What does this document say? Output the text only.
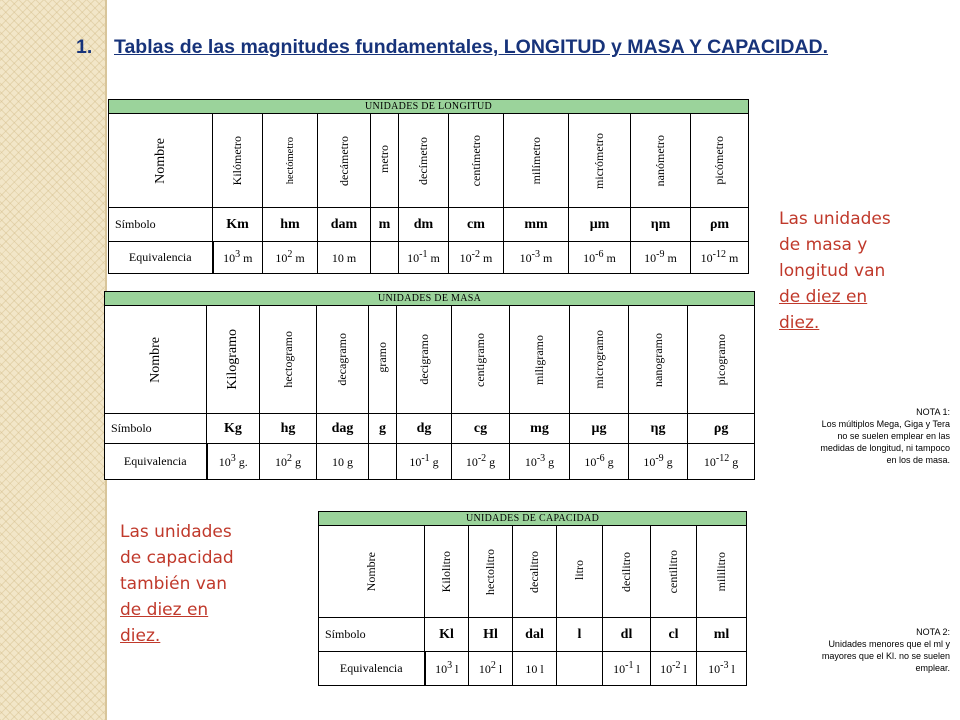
1. Tablas de las magnitudes fundamentales, LONGITUD y MASA Y CAPACIDAD.
UNIDADES DE LONGITUD										

Nombre	Kilómetro	hectómetro	decámetro	metro	decímetro	centímetro	milímetro	micrómetro	nanómetro	picómetro

Símbolo	Km	hm	dam	m	dm	cm	mm	μm	ηm	ρm
Equivalencia	$10^3$ m	$10^2$ m	10 m		$10^{-1}$ m	$10^{-2}$ m	$10^{-3}$ m	$10^{-6}$ m	$10^{-9}$ m	$10^{-12}$ m
UNIDADES DE MASA										

Nombre	Kilogramo	hectogramo	decagramo	gramo	decigramo	centigramo	miligramo	microgramo	nanogramo	picogramo

Símbolo	Kg	hg	dag	g	dg	cg	mg	μg	ηg	ρg
Equivalencia	$10^3$ g.	$10^2$ g	10 g		$10^{-1}$ g	$10^{-2}$ g	$10^{-3}$ g	$10^{-6}$ g	$10^{-9}$ g	$10^{-12}$ g
UNIDADES DE CAPACIDAD							

Nombre	Kilolitro	hectolitro	decalitro	litro	decilitro	centilitro	mililitro

Símbolo	Kl	Hl	dal	l	dl	cl	ml
Equivalencia	$10^3$ l	$10^2$ l	10 l		$10^{-1}$ l	$10^{-2}$ l	$10^{-3}$ l
Las unidades
de masa y
longitud van
de diez en
diez.
Las unidades
de capacidad
también van
de diez en
diez.
NOTA 1:
Los múltiplos Mega, Giga y Tera
no se suelen emplear en las
medidas de longitud, ni tampoco
en los de masa.
NOTA 2:
Unidades menores que el ml y
mayores que el Kl. no se suelen
emplear.
